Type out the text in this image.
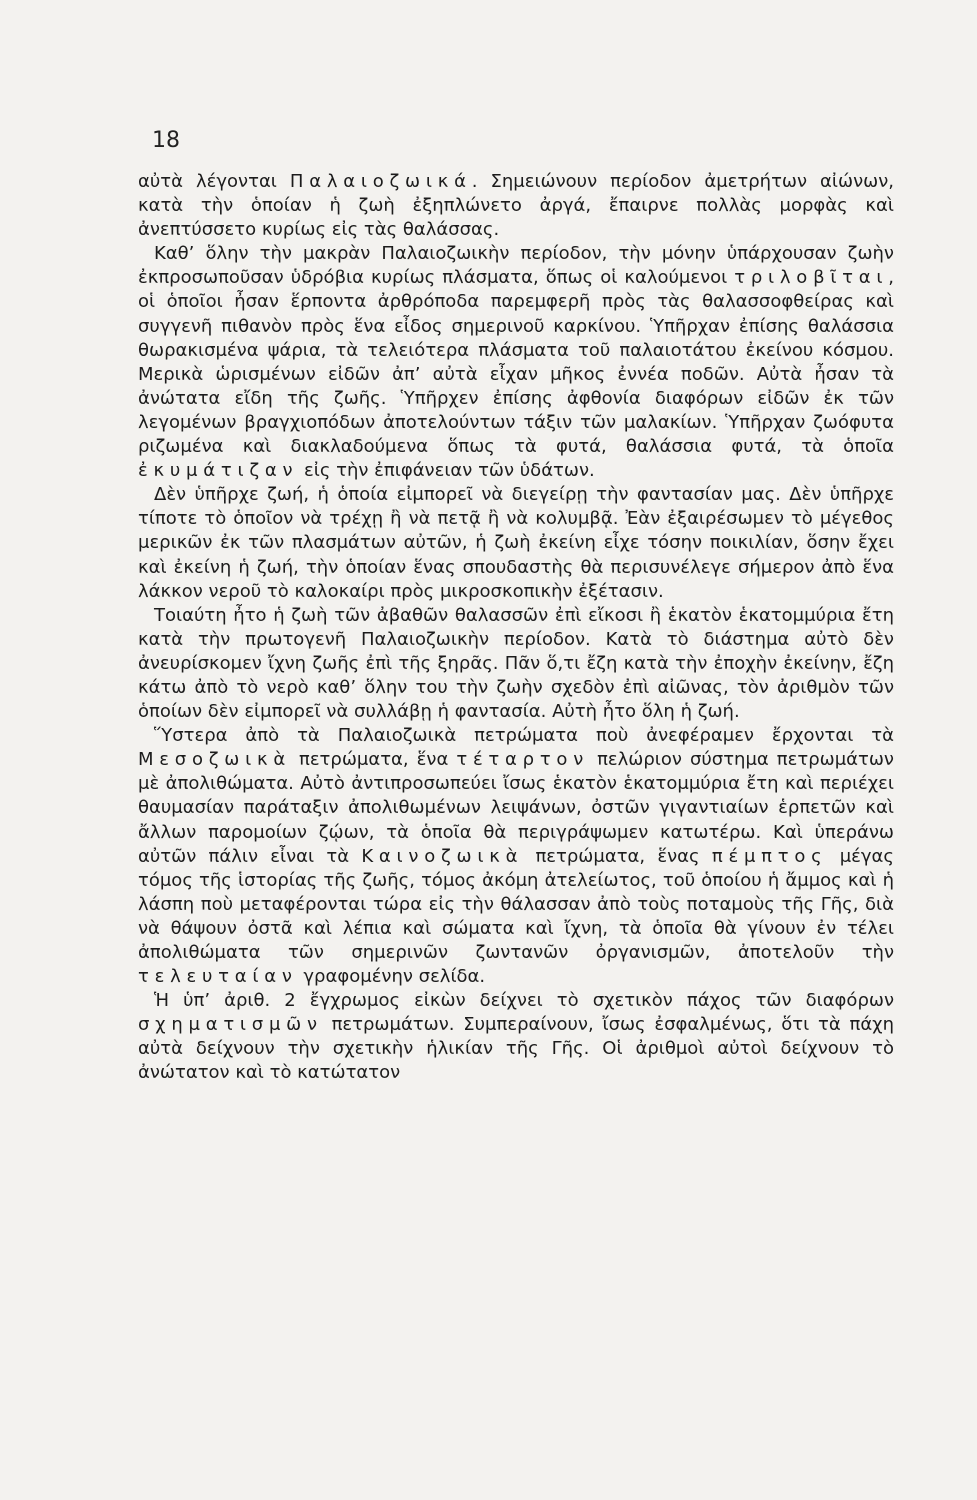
18

αὐτὰ λέγονται Παλαιοζωικά. Σημειώνουν περίοδον ἀμετρήτων αἰώνων, κατὰ τὴν ὁποίαν ἡ ζωὴ ἐξηπλώνετο ἀργά, ἔπαιρνε πολλὰς μορφὰς καὶ ἀνεπτύσσετο κυρίως εἰς τὰς θαλάσσας.

Καθ’ ὅλην τὴν μακρὰν Παλαιοζωικὴν περίοδον, τὴν μόνην ὑπάρχουσαν ζωὴν ἐκπροσωποῦσαν ὑδρόβια κυρίως πλάσματα, ὅπως οἱ καλούμενοι τριλοβῖται, οἱ ὁποῖοι ἦσαν ἕρποντα ἀρθρόποδα παρεμφερῆ πρὸς τὰς θαλασσοφθείρας καὶ συγγενῆ πιθανὸν πρὸς ἕνα εἶδος σημερινοῦ καρκίνου. Ὑπῆρχαν ἐπίσης θαλάσσια θωρακισμένα ψάρια, τὰ τελειότερα πλάσματα τοῦ παλαιοτάτου ἐκείνου κόσμου. Μερικὰ ὡρισμένων εἰδῶν ἀπ’ αὐτὰ εἶχαν μῆκος ἐννέα ποδῶν. Αὐτὰ ἦσαν τὰ ἀνώτατα εἴδη τῆς ζωῆς. Ὑπῆρχεν ἐπίσης ἀφθονία διαφόρων εἰδῶν ἐκ τῶν λεγομένων βραγχιοπόδων ἀποτελούντων τάξιν τῶν μαλακίων. Ὑπῆρχαν ζωόφυτα ριζωμένα καὶ διακλαδούμενα ὅπως τὰ φυτά, θαλάσσια φυτά, τὰ ὁποῖα ἐκυμάτιζαν εἰς τὴν ἐπιφάνειαν τῶν ὑδάτων.

Δὲν ὑπῆρχε ζωή, ἡ ὁποία εἰμπορεῖ νὰ διεγείρῃ τὴν φαντασίαν μας. Δὲν ὑπῆρχε τίποτε τὸ ὁποῖον νὰ τρέχῃ ἢ νὰ πετᾷ ἢ νὰ κολυμβᾷ. Ἐὰν ἐξαιρέσωμεν τὸ μέγεθος μερικῶν ἐκ τῶν πλασμάτων αὐτῶν, ἡ ζωὴ ἐκείνη εἶχε τόσην ποικιλίαν, ὅσην ἔχει καὶ ἐκείνη ἡ ζωή, τὴν ὁποίαν ἕνας σπουδαστὴς θὰ περισυνέλεγε σήμερον ἀπὸ ἕνα λάκκον νεροῦ τὸ καλοκαίρι πρὸς μικροσκοπικὴν ἐξέτασιν.

Τοιαύτη ἦτο ἡ ζωὴ τῶν ἀβαθῶν θαλασσῶν ἐπὶ εἴκοσι ἢ ἑκατὸν ἑκατομμύρια ἔτη κατὰ τὴν πρωτογενῆ Παλαιοζωικὴν περίοδον. Κατὰ τὸ διάστημα αὐτὸ δὲν ἀνευρίσκομεν ἴχνη ζωῆς ἐπὶ τῆς ξηρᾶς. Πᾶν ὅ,τι ἔζη κατὰ τὴν ἐποχὴν ἐκείνην, ἔζη κάτω ἀπὸ τὸ νερὸ καθ’ ὅλην του τὴν ζωὴν σχεδὸν ἐπὶ αἰῶνας, τὸν ἀριθμὸν τῶν ὁποίων δὲν εἰμπορεῖ νὰ συλλάβῃ ἡ φαντασία. Αὐτὴ ἦτο ὅλη ἡ ζωή.

Ὕστερα ἀπὸ τὰ Παλαιοζωικὰ πετρώματα ποὺ ἀνεφέραμεν ἔρχονται τὰ Μεσοζωικὰ πετρώματα, ἕνα τέταρτον πελώριον σύστημα πετρωμάτων μὲ ἀπολιθώματα. Αὐτὸ ἀντιπροσωπεύει ἴσως ἑκατὸν ἑκατομμύρια ἔτη καὶ περιέχει θαυμασίαν παράταξιν ἀπολιθωμένων λειψάνων, ὀστῶν γιγαντιαίων ἑρπετῶν καὶ ἄλλων παρομοίων ζῴων, τὰ ὁποῖα θὰ περιγράψωμεν κατωτέρω. Καὶ ὑπεράνω αὐτῶν πάλιν εἶναι τὰ Καινοζωικὰ πετρώματα, ἕνας πέμπτος μέγας τόμος τῆς ἱστορίας τῆς ζωῆς, τόμος ἀκόμη ἀτελείωτος, τοῦ ὁποίου ἡ ἄμμος καὶ ἡ λάσπη ποὺ μεταφέρονται τώρα εἰς τὴν θάλασσαν ἀπὸ τοὺς ποταμοὺς τῆς Γῆς, διὰ νὰ θάψουν ὀστᾶ καὶ λέπια καὶ σώματα καὶ ἴχνη, τὰ ὁποῖα θὰ γίνουν ἐν τέλει ἀπολιθώματα τῶν σημερινῶν ζωντανῶν ὀργανισμῶν, ἀποτελοῦν τὴν τελευταίαν γραφομένην σελίδα.

Ἡ ὑπ’ ἀριθ. 2 ἔγχρωμος εἰκὼν δείχνει τὸ σχετικὸν πάχος τῶν διαφόρων σχηματισμῶν πετρωμάτων. Συμπεραίνουν, ἴσως ἐσφαλμένως, ὅτι τὰ πάχη αὐτὰ δείχνουν τὴν σχετικὴν ἡλικίαν τῆς Γῆς. Οἱ ἀριθμοὶ αὐτοὶ δείχνουν τὸ ἀνώτατον καὶ τὸ κατώτατον
